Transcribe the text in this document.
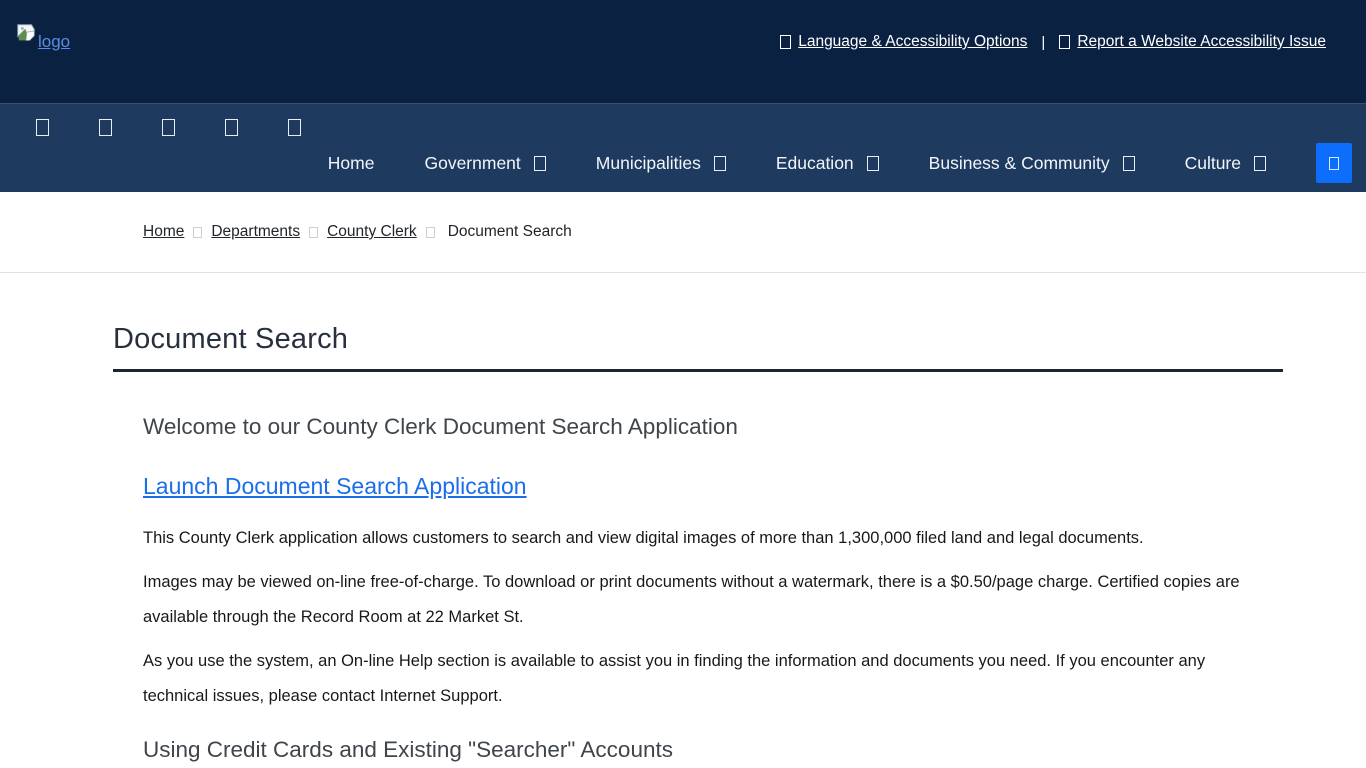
logo	Language & Accessibility Options | Report a Website Accessibility Issue
Home	Government	Municipalities	Education	Business & Community	Culture
Home Departments County Clerk Document Search
Document Search
Welcome to our County Clerk Document Search Application
Launch Document Search Application

This County Clerk application allows customers to search and view digital images of more than 1,300,000 filed land and legal documents.

Images may be viewed on-line free-of-charge. To download or print documents without a watermark, there is a $0.50/page charge. Certified copies are available through the Record Room at 22 Market St.

As you use the system, an On-line Help section is available to assist you in finding the information and documents you need. If you encounter any technical issues, please contact Internet Support.

Using Credit Cards and Existing "Searcher" Accounts
